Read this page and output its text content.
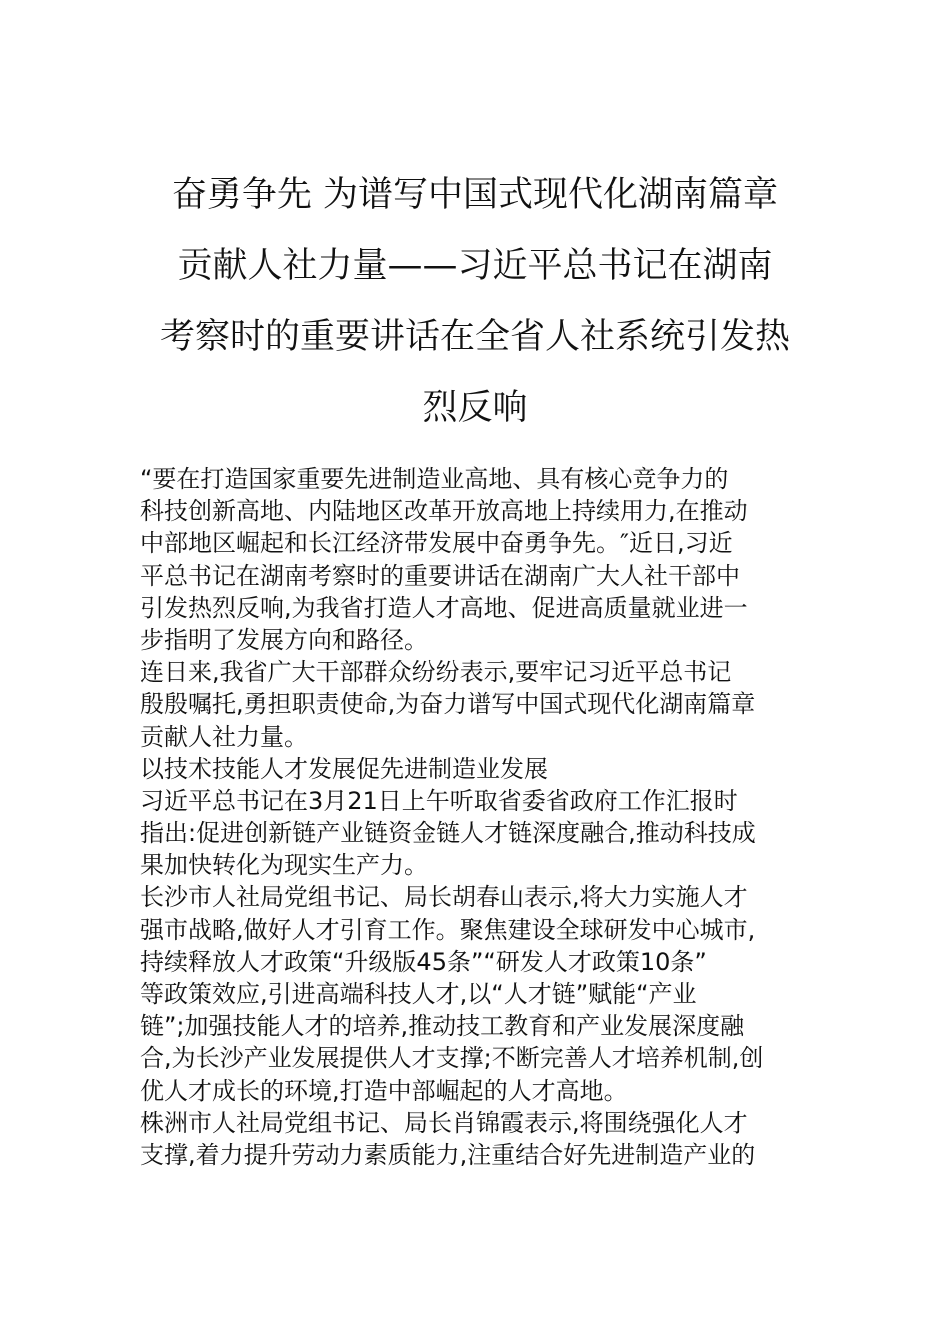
奋勇争先 为谱写中国式现代化湖南篇章
贡献人社力量——习近平总书记在湖南
考察时的重要讲话在全省人社系统引发热
烈反响

“要在打造国家重要先进制造业高地、具有核心竞争力的
科技创新高地、内陆地区改革开放高地上持续用力,在推动
中部地区崛起和长江经济带发展中奋勇争先。″近日,习近
平总书记在湖南考察时的重要讲话在湖南广大人社干部中
引发热烈反响,为我省打造人才高地、促进高质量就业进一
步指明了发展方向和路径。

连日来,我省广大干部群众纷纷表示,要牢记习近平总书记
殷殷嘱托,勇担职责使命,为奋力谱写中国式现代化湖南篇章
贡献人社力量。

以技术技能人才发展促先进制造业发展

习近平总书记在3月21日上午听取省委省政府工作汇报时
指出:促进创新链产业链资金链人才链深度融合,推动科技成
果加快转化为现实生产力。

长沙市人社局党组书记、局长胡春山表示,将大力实施人才
强市战略,做好人才引育工作。聚焦建设全球研发中心城市,
持续释放人才政策“升级版45条”“研发人才政策10条”
等政策效应,引进高端科技人才,以“人才链”赋能“产业
链”;加强技能人才的培养,推动技工教育和产业发展深度融
合,为长沙产业发展提供人才支撑;不断完善人才培养机制,创
优人才成长的环境,打造中部崛起的人才高地。

株洲市人社局党组书记、局长肖锦霞表示,将围绕强化人才
支撑,着力提升劳动力素质能力,注重结合好先进制造产业的
